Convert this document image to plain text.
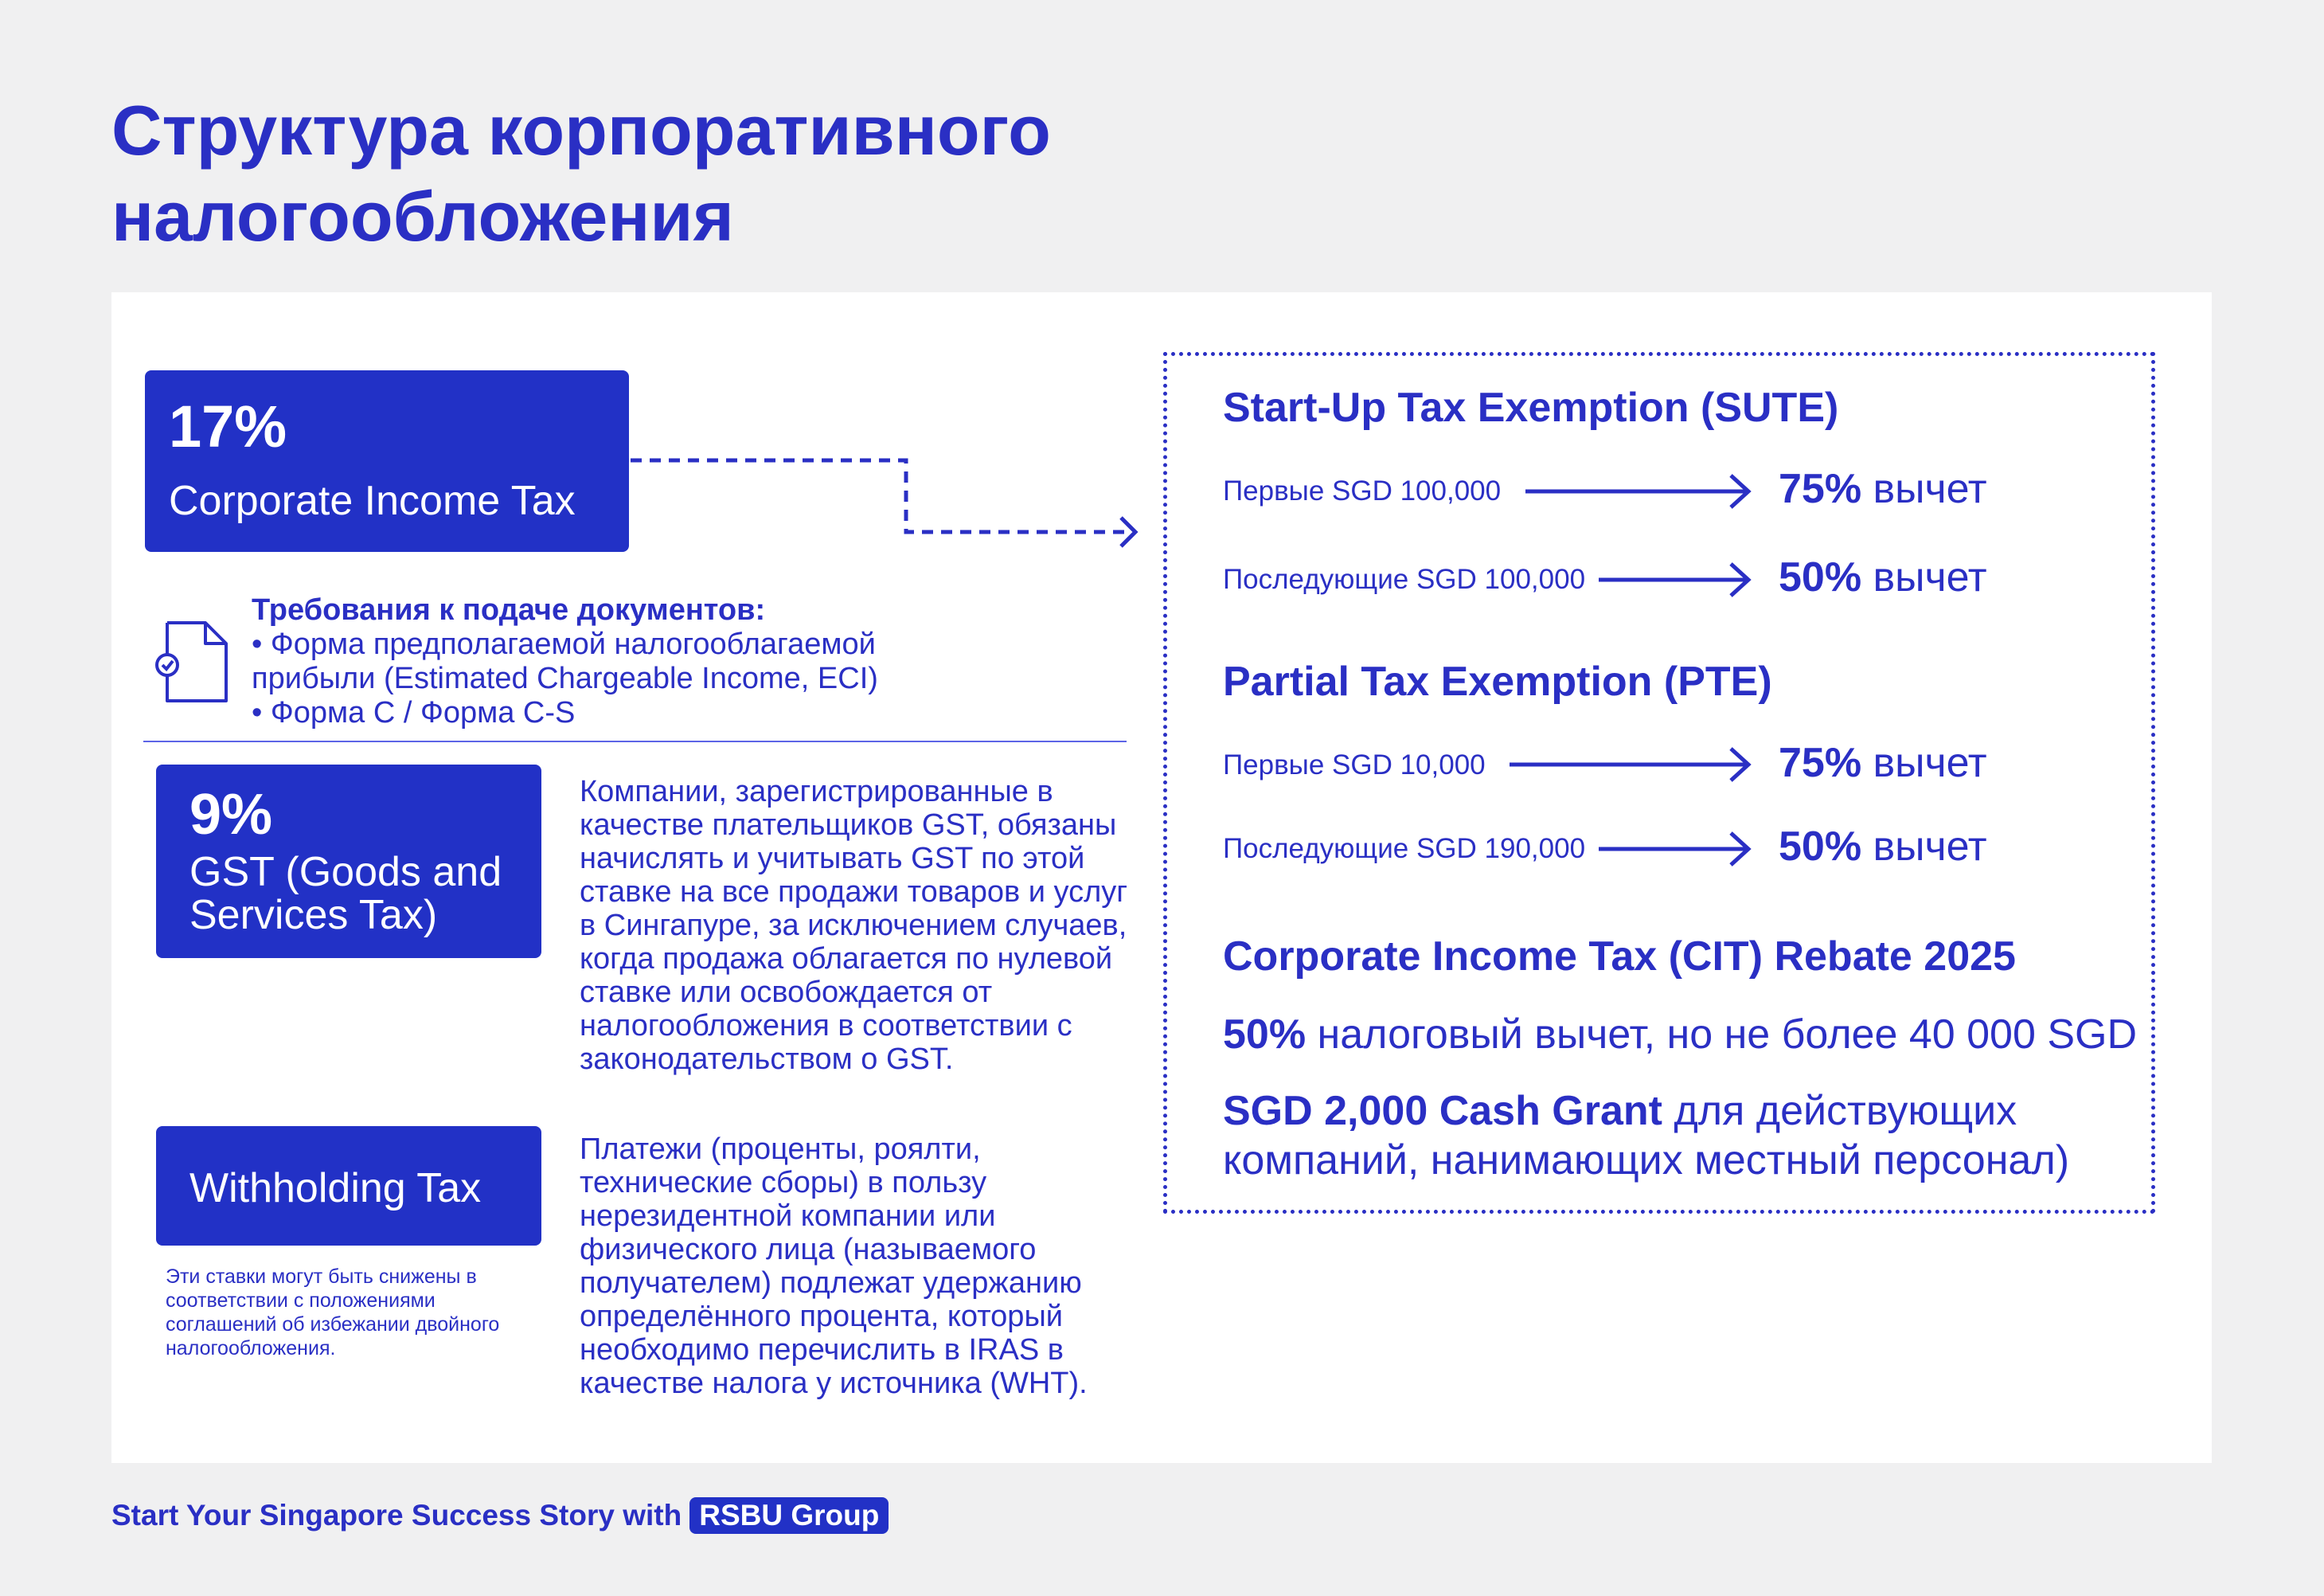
Структура корпоративного налогообложения
17%
Corporate Income Tax
Требования к подаче документов:
• Форма предполагаемой налогооблагаемой
прибыли (Estimated Chargeable Income, ECI)
• Форма C / Форма C-S
9%
GST (Goods and Services Tax)
Компании, зарегистрированные в качестве плательщиков GST, обязаны начислять и учитывать GST по этой ставке на все продажи товаров и услуг в Сингапуре, за исключением случаев, когда продажа облагается по нулевой ставке или освобождается от налогообложения в соответствии с законодательством о GST.
Withholding Tax
Эти ставки могут быть снижены в соответствии с положениями соглашений об избежании двойного налогообложения.
Платежи (проценты, роялти, технические сборы) в пользу нерезидентной компании или физического лица (называемого получателем) подлежат удержанию определённого процента, который необходимо перечислить в IRAS в качестве налога у источника (WHT).
Start-Up Tax Exemption (SUTE)
Первые SGD 100,000	75% вычет
Последующие SGD 100,000	50% вычет
Partial Tax Exemption (PTE)
Первые SGD 10,000	75% вычет
Последующие SGD 190,000	50% вычет
Corporate Income Tax (CIT) Rebate 2025
50% налоговый вычет, но не более 40 000 SGD
SGD 2,000 Cash Grant для действующих компаний, нанимающих местный персонал)
Start Your Singapore Success Story with RSBU Group
